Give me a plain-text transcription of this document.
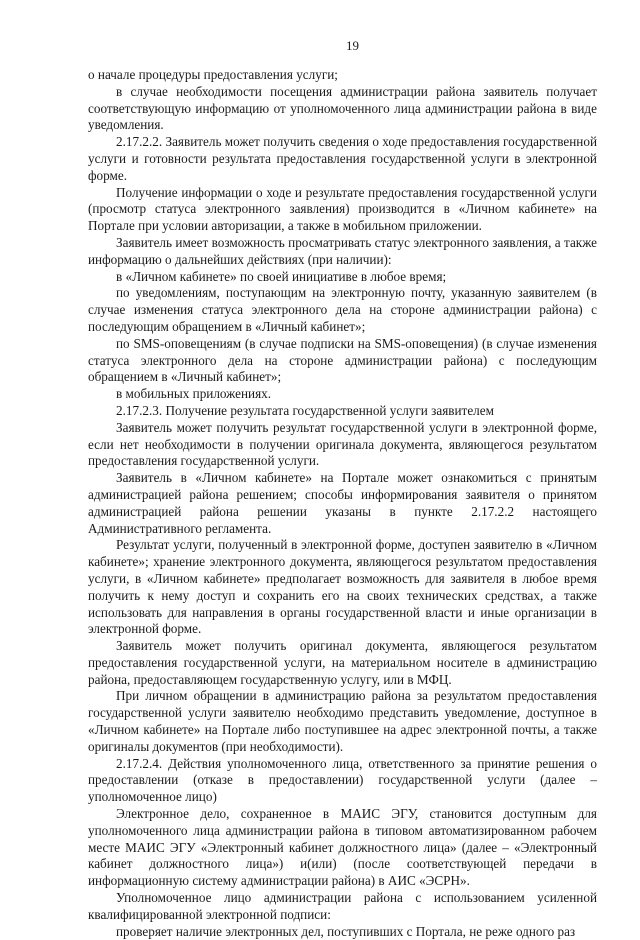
19

о начале процедуры предоставления услуги;

в случае необходимости посещения администрации района заявитель получает соответствующую информацию от уполномоченного лица администрации района в виде уведомления.

2.17.2.2. Заявитель может получить сведения о ходе предоставления государственной услуги и готовности результата предоставления государственной услуги в электронной форме.

Получение информации о ходе и результате предоставления государственной услуги (просмотр статуса электронного заявления) производится в «Личном кабинете» на Портале при условии авторизации, а также в мобильном приложении.

Заявитель имеет возможность просматривать статус электронного заявления, а также информацию о дальнейших действиях (при наличии):

в «Личном кабинете» по своей инициативе в любое время;

по уведомлениям, поступающим на электронную почту, указанную заявителем (в случае изменения статуса электронного дела на стороне администрации района) с последующим обращением в «Личный кабинет»;

по SMS-оповещениям (в случае подписки на SMS-оповещения) (в случае изменения статуса электронного дела на стороне администрации района) с последующим обращением в «Личный кабинет»;

в мобильных приложениях.

2.17.2.3. Получение результата государственной услуги заявителем

Заявитель может получить результат государственной услуги в электронной форме, если нет необходимости в получении оригинала документа, являющегося результатом предоставления государственной услуги.

Заявитель в «Личном кабинете» на Портале может ознакомиться с принятым администрацией района решением; способы информирования заявителя о принятом администрацией района решении указаны в пункте 2.17.2.2 настоящего Административного регламента.

Результат услуги, полученный в электронной форме, доступен заявителю в «Личном кабинете»; хранение электронного документа, являющегося результатом предоставления услуги, в «Личном кабинете» предполагает возможность для заявителя в любое время получить к нему доступ и сохранить его на своих технических средствах, а также использовать для направления в органы государственной власти и иные организации в электронной форме.

Заявитель может получить оригинал документа, являющегося результатом предоставления государственной услуги, на материальном носителе в администрацию района, предоставляющем государственную услугу, или в МФЦ.

При личном обращении в администрацию района за результатом предоставления государственной услуги заявителю необходимо представить уведомление, доступное в «Личном кабинете» на Портале либо поступившее на адрес электронной почты, а также оригиналы документов (при необходимости).

2.17.2.4. Действия уполномоченного лица, ответственного за принятие решения о предоставлении (отказе в предоставлении) государственной услуги (далее – уполномоченное лицо)

Электронное дело, сохраненное в МАИС ЭГУ, становится доступным для уполномоченного лица администрации района в типовом автоматизированном рабочем месте МАИС ЭГУ «Электронный кабинет должностного лица» (далее – «Электронный кабинет должностного лица») и(или) (после соответствующей передачи в информационную систему администрации района) в АИС «ЭСРН».

Уполномоченное лицо администрации района с использованием усиленной квалифицированной электронной подписи:

проверяет наличие электронных дел, поступивших с Портала, не реже одного раз
